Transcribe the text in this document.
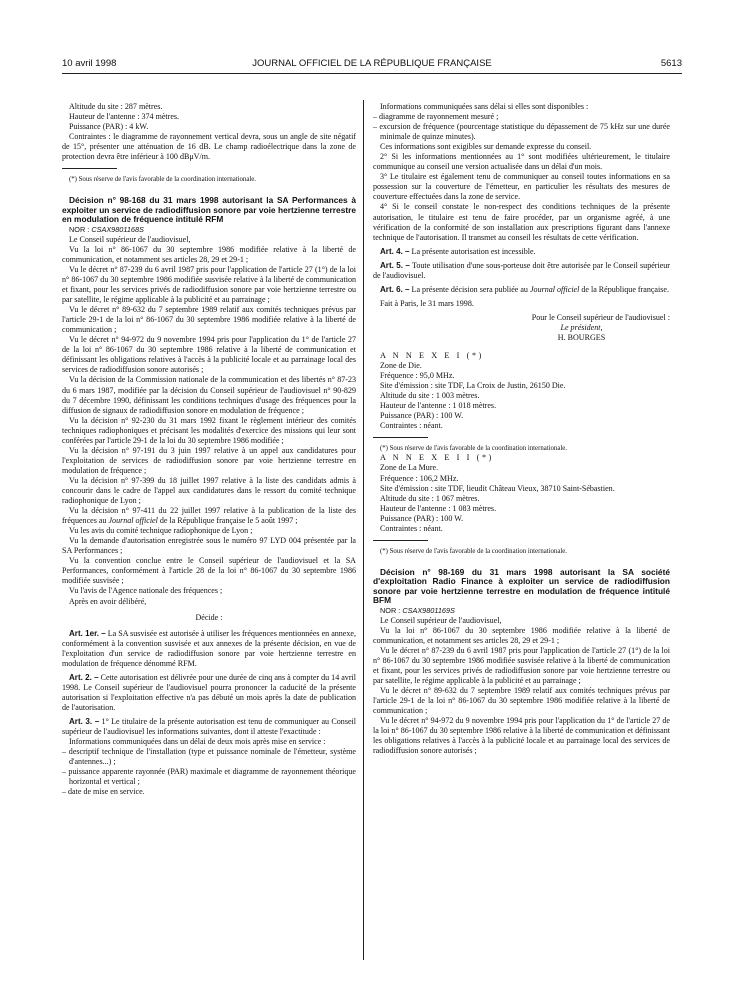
10 avril 1998	JOURNAL OFFICIEL DE LA RÉPUBLIQUE FRANÇAISE	5613

Altitude du site : 287 mètres.

Hauteur de l'antenne : 374 mètres.

Puissance (PAR) : 4 kW.

Contraintes : le diagramme de rayonnement vertical devra, sous un angle de site négatif de 15°, présenter une atténuation de 16 dB. Le champ radioélectrique dans la zone de protection devra être inférieur à 100 dBμV/m.

(*) Sous réserve de l'avis favorable de la coordination internationale.

Décision n° 98-168 du 31 mars 1998 autorisant la SA Performances à exploiter un service de radiodiffusion sonore par voie hertzienne terrestre en modulation de fréquence intitulé RFM

NOR : CSAX9801168S

Le Conseil supérieur de l'audiovisuel,

Vu la loi n° 86-1067 du 30 septembre 1986 modifiée relative à la liberté de communication, et notamment ses articles 28, 29 et 29-1 ;

Vu le décret n° 87-239 du 6 avril 1987 pris pour l'application de l'article 27 (1°) de la loi n° 86-1067 du 30 septembre 1986 modifiée susvisée relative à la liberté de communication et fixant, pour les services privés de radiodiffusion sonore par voie hertzienne terrestre ou par satellite, le régime applicable à la publicité et au parrainage ;

Vu le décret n° 89-632 du 7 septembre 1989 relatif aux comités techniques prévus par l'article 29-1 de la loi n° 86-1067 du 30 septembre 1986 modifiée relative à la liberté de communication ;

Vu le décret n° 94-972 du 9 novembre 1994 pris pour l'application du 1° de l'article 27 de la loi n° 86-1067 du 30 septembre 1986 relative à la liberté de communication et définissant les obligations relatives à l'accès à la publicité locale et au parrainage local des services de radiodiffusion sonore autorisés ;

Vu la décision de la Commission nationale de la communication et des libertés n° 87-23 du 6 mars 1987, modifiée par la décision du Conseil supérieur de l'audiovisuel n° 90-829 du 7 décembre 1990, définissant les conditions techniques d'usage des fréquences pour la diffusion de signaux de radiodiffusion sonore en modulation de fréquence ;

Vu la décision n° 92-230 du 31 mars 1992 fixant le règlement intérieur des comités techniques radiophoniques et précisant les modalités d'exercice des missions qui leur sont conférées par l'article 29-1 de la loi du 30 septembre 1986 modifiée ;

Vu la décision n° 97-191 du 3 juin 1997 relative à un appel aux candidatures pour l'exploitation de services de radiodiffusion sonore par voie hertzienne terrestre en modulation de fréquence ;

Vu la décision n° 97-399 du 18 juillet 1997 relative à la liste des candidats admis à concourir dans le cadre de l'appel aux candidatures dans le ressort du comité technique radiophonique de Lyon ;

Vu la décision n° 97-411 du 22 juillet 1997 relative à la publication de la liste des fréquences au Journal officiel de la République française le 5 août 1997 ;

Vu les avis du comité technique radiophonique de Lyon ;

Vu la demande d'autorisation enregistrée sous le numéro 97 LYD 004 présentée par la SA Performances ;

Vu la convention conclue entre le Conseil supérieur de l'audiovisuel et la SA Performances, conformément à l'article 28 de la loi n° 86-1067 du 30 septembre 1986 modifiée susvisée ;

Vu l'avis de l'Agence nationale des fréquences ;

Après en avoir délibéré,

Décide :

Art. 1er. – La SA susvisée est autorisée à utiliser les fréquences mentionnées en annexe, conformément à la convention susvisée et aux annexes de la présente décision, en vue de l'exploitation d'un service de radiodiffusion sonore par voie hertzienne terrestre en modulation de fréquence dénommé RFM.

Art. 2. – Cette autorisation est délivrée pour une durée de cinq ans à compter du 14 avril 1998. Le Conseil supérieur de l'audiovisuel pourra prononcer la caducité de la présente autorisation si l'exploitation effective n'a pas débuté un mois après la date de publication de l'autorisation.

Art. 3. – 1° Le titulaire de la présente autorisation est tenu de communiquer au Conseil supérieur de l'audiovisuel les informations suivantes, dont il atteste l'exactitude :

Informations communiquées dans un délai de deux mois après mise en service :

– descriptif technique de l'installation (type et puissance nominale de l'émetteur, système d'antennes...) ;

– puissance apparente rayonnée (PAR) maximale et diagramme de rayonnement théorique horizontal et vertical ;

– date de mise en service.

Informations communiquées sans délai si elles sont disponibles :

– diagramme de rayonnement mesuré ;

– excursion de fréquence (pourcentage statistique du dépassement de 75 kHz sur une durée minimale de quinze minutes).

Ces informations sont exigibles sur demande expresse du conseil.

2° Si les informations mentionnées au 1° sont modifiées ultérieurement, le titulaire communique au conseil une version actualisée dans un délai d'un mois.

3° Le titulaire est également tenu de communiquer au conseil toutes informations en sa possession sur la couverture de l'émetteur, en particulier les résultats des mesures de couverture effectuées dans la zone de service.

4° Si le conseil constate le non-respect des conditions techniques de la présente autorisation, le titulaire est tenu de faire procéder, par un organisme agréé, à une vérification de la conformité de son installation aux prescriptions figurant dans l'annexe technique de l'autorisation. Il transmet au conseil les résultats de cette vérification.

Art. 4. – La présente autorisation est incessible.

Art. 5. – Toute utilisation d'une sous-porteuse doit être autorisée par le Conseil supérieur de l'audiovisuel.

Art. 6. – La présente décision sera publiée au Journal officiel de la République française.

Fait à Paris, le 31 mars 1998.

Pour le Conseil supérieur de l'audiovisuel :

Le président,

H. BOURGES

A N N E X E I (*)

Zone de Die.

Fréquence : 95,0 MHz.

Site d'émission : site TDF, La Croix de Justin, 26150 Die.

Altitude du site : 1 003 mètres.

Hauteur de l'antenne : 1 018 mètres.

Puissance (PAR) : 100 W.

Contraintes : néant.

(*) Sous réserve de l'avis favorable de la coordination internationale.

A N N E X E I I (*)

Zone de La Mure.

Fréquence : 106,2 MHz.

Site d'émission : site TDF, lieudit Château Vieux, 38710 Saint-Sébastien.

Altitude du site : 1 067 mètres.

Hauteur de l'antenne : 1 083 mètres.

Puissance (PAR) : 100 W.

Contraintes : néant.

(*) Sous réserve de l'avis favorable de la coordination internationale.

Décision n° 98-169 du 31 mars 1998 autorisant la SA société d'exploitation Radio Finance à exploiter un service de radiodiffusion sonore par voie hertzienne terrestre en modulation de fréquence intitulé BFM

NOR : CSAX9801169S

Le Conseil supérieur de l'audiovisuel,

Vu la loi n° 86-1067 du 30 septembre 1986 modifiée relative à la liberté de communication, et notamment ses articles 28, 29 et 29-1 ;

Vu le décret n° 87-239 du 6 avril 1987 pris pour l'application de l'article 27 (1°) de la loi n° 86-1067 du 30 septembre 1986 modifiée susvisée relative à la liberté de communication et fixant, pour les services privés de radiodiffusion sonore par voie hertzienne terrestre ou par satellite, le régime applicable à la publicité et au parrainage ;

Vu le décret n° 89-632 du 7 septembre 1989 relatif aux comités techniques prévus par l'article 29-1 de la loi n° 86-1067 du 30 septembre 1986 modifiée relative à la liberté de communication ;

Vu le décret n° 94-972 du 9 novembre 1994 pris pour l'application du 1° de l'article 27 de la loi n° 86-1067 du 30 septembre 1986 relative à la liberté de communication et définissant les obligations relatives à l'accès à la publicité locale et au parrainage local des services de radiodiffusion sonore autorisés ;
